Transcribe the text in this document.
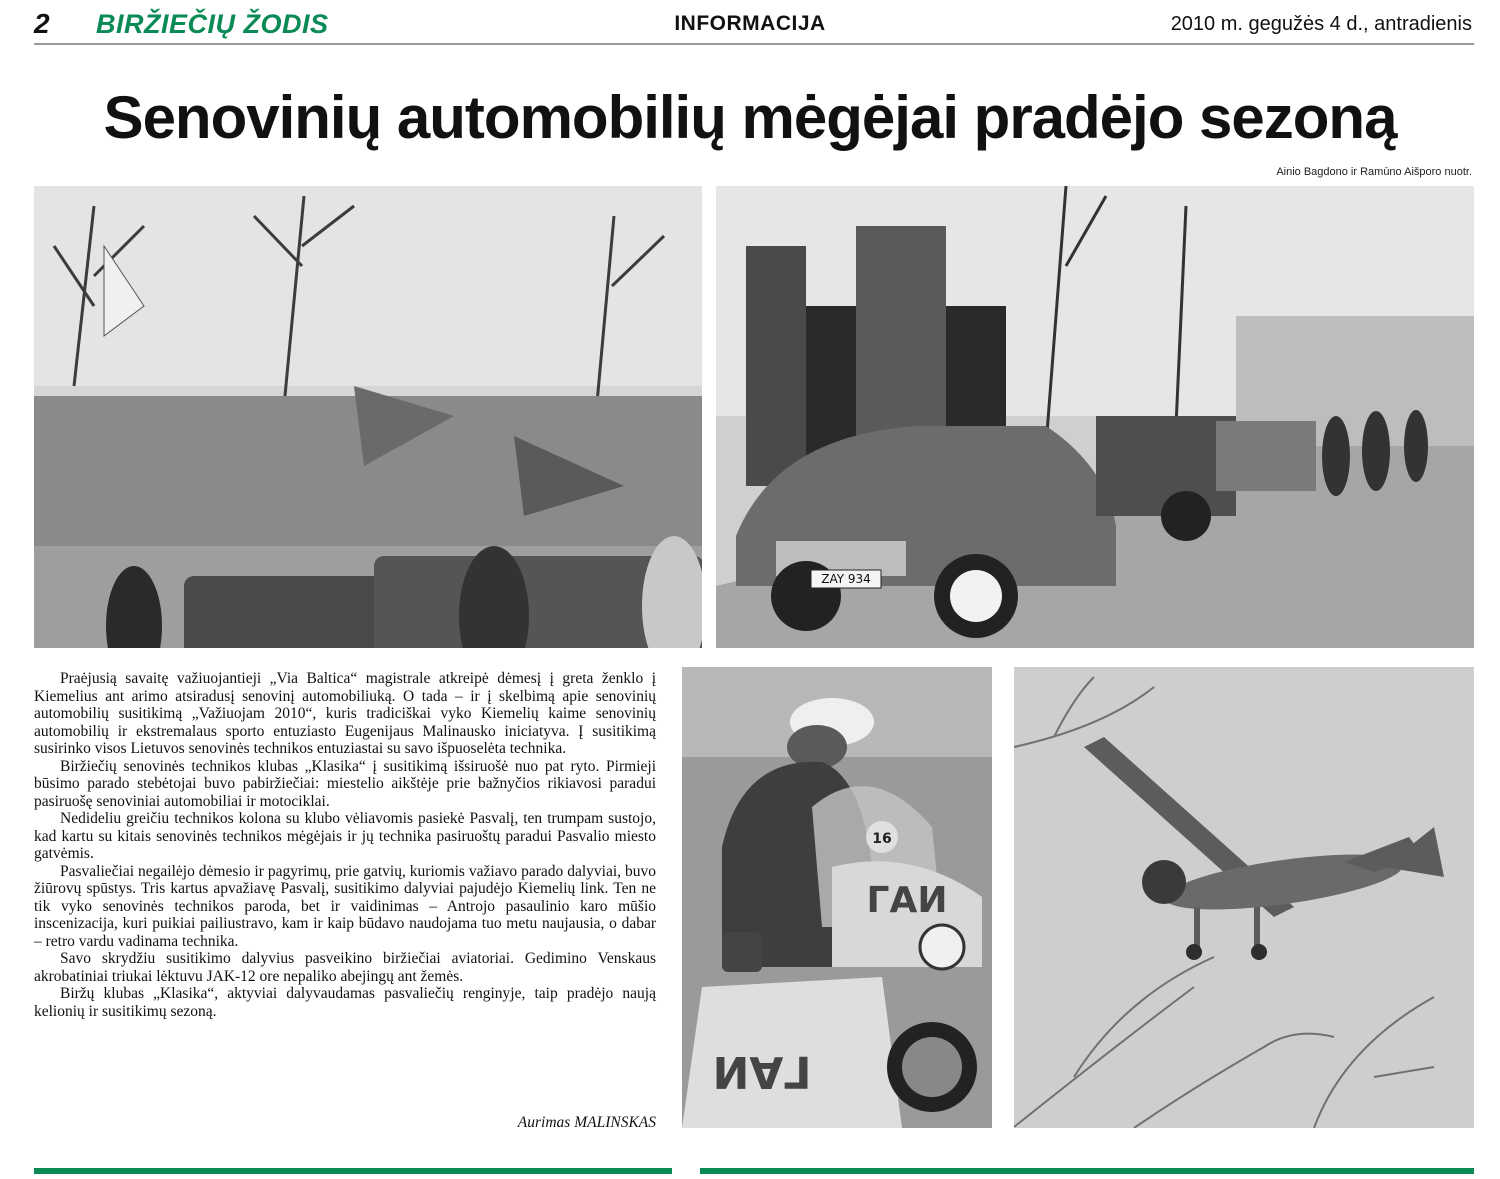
2 BIRŽIEČIŲ ŽODIS	INFORMACIJA	2010 m. gegužės 4 d., antradienis
Senovinių automobilių mėgėjai pradėjo sezoną
Ainio Bagdono ir Ramūno Aišporo nuotr.
ZAY 934

Praėjusią savaitę važiuojantieji „Via Baltica“ magistrale atkreipė dėmesį į greta ženklo į Kiemelius ant arimo atsiradusį senovinį automobiliuką. O tada – ir į skelbimą apie senovinių automobilių susitikimą „Važiuojam 2010“, kuris tradiciškai vyko Kiemelių kaime senovinių automobilių ir ekstremalaus sporto entuziasto Eugenijaus Malinausko iniciatyva. Į susitikimą susirinko visos Lietuvos senovinės technikos entuziastai su savo išpuoselėta technika.

Biržiečių senovinės technikos klubas „Klasika“ į susitikimą išsiruošė nuo pat ryto. Pirmieji būsimo parado stebėtojai buvo pabiržiečiai: miestelio aikštėje prie bažnyčios rikiavosi paradui pasiruošę senoviniai automobiliai ir motociklai.

Nedideliu greičiu technikos kolona su klubo vėliavomis pasiekė Pasvalį, ten trumpam sustojo, kad kartu su kitais senovinės technikos mėgėjais ir jų technika pasiruoštų paradui Pasvalio miesto gatvėmis.

Pasvaliečiai negailėjo dėmesio ir pagyrimų, prie gatvių, kuriomis važiavo parado dalyviai, buvo žiūrovų spūstys. Tris kartus apvažiavę Pasvalį, susitikimo dalyviai pajudėjo Kiemelių link. Ten ne tik vyko senovinės technikos paroda, bet ir vaidinimas – Antrojo pasaulinio karo mūšio inscenizacija, kuri puikiai pailiustravo, kam ir kaip būdavo naudojama tuo metu naujausia, o dabar – retro vardu vadinama technika.

Savo skrydžiu susitikimo dalyvius pasveikino biržiečiai aviatoriai. Gedimino Venskaus akrobatiniai triukai lėktuvu JAK-12 ore nepaliko abejingų ant žemės.

Biržų klubas „Klasika“, aktyviai dalyvaudamas pasvaliečių renginyje, taip pradėjo naują kelionių ir susitikimų sezoną.

Aurimas MALINSKAS
16
ГАИ
ГАИ
